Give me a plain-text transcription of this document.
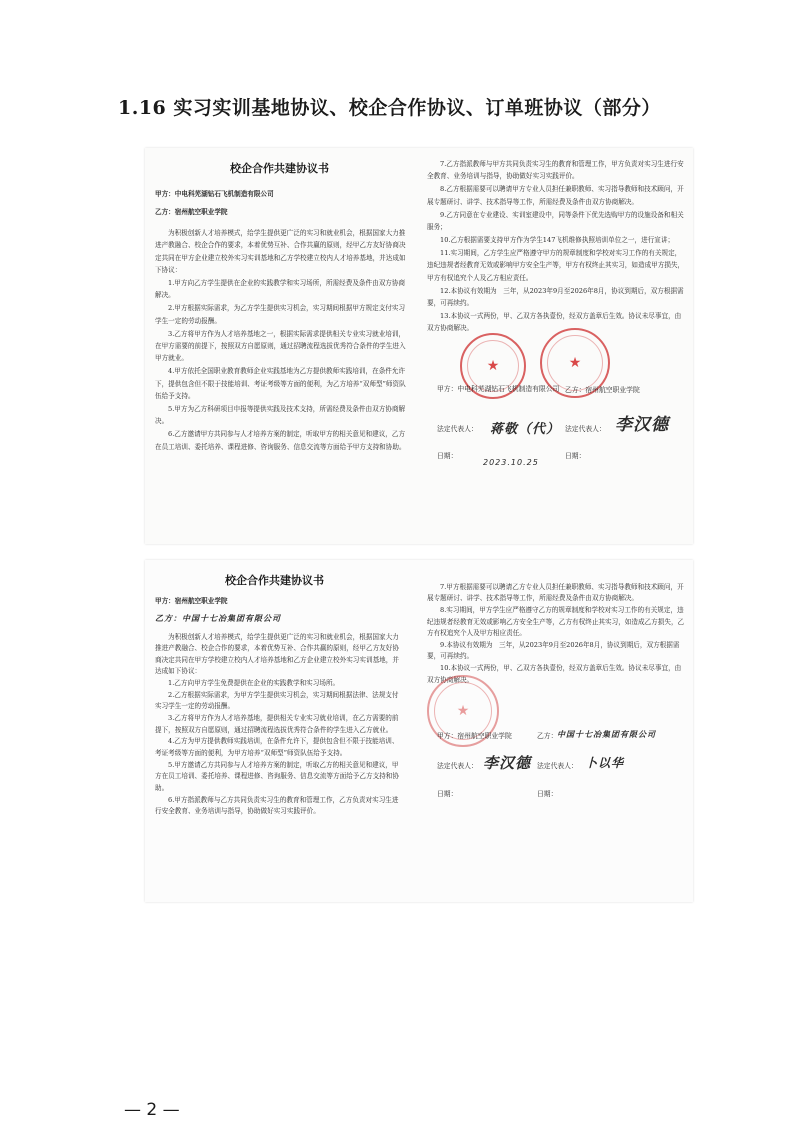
1.16 实习实训基地协议、校企合作协议、订单班协议（部分）
校企合作共建协议书

甲方：中电科芜湖钻石飞机制造有限公司

乙方：宿州航空职业学院

为积极创新人才培养模式，给学生提供更广泛的实习和就业机会，根据国家大力推进产教融合、校企合作的要求，本着优势互补、合作共赢的原则，经甲乙方友好协商决定共同在甲方企业建立校外实习实训基地和乙方学校建立校内人才培养基地，并达成如下协议：

1.甲方向乙方学生提供在企业的实践教学和实习场所，所需经费及条件由双方协商解决。

2.甲方根据实际需求，为乙方学生提供实习机会，实习期间根据甲方规定支付实习学生一定的劳动报酬。

3.乙方将甲方作为人才培养基地之一，根据实际需求提供相关专业实习就业培训，在甲方需要的前提下，按照双方自愿原则，通过招聘流程选拔优秀符合条件的学生进入甲方就业。

4.甲方依托全国职业教育教师企业实践基地为乙方提供教师实践培训，在条件允许下，提供包含但不限于技能培训、考证考级等方面的便利，为乙方培养“双师型”师资队伍给予支持。

5.甲方为乙方科研项目申报等提供实践及技术支持，所需经费及条件由双方协商解决。

6.乙方邀请甲方共同参与人才培养方案的制定，听取甲方的相关意见和建议，乙方在员工培训、委托培养、课程进修、咨询服务、信息交流等方面给予甲方支持和协助。

7.乙方指派教师与甲方共同负责实习生的教育和管理工作，甲方负责对实习生进行安全教育、业务培训与指导，协助做好实习实践评价。

8.乙方根据需要可以聘请甲方专业人员担任兼职教师、实习指导教师和技术顾问，开展专题研讨、讲学、技术指导等工作，所需经费及条件由双方协商解决。

9.乙方同意在专业建设、实训室建设中，同等条件下优先选购甲方的设施设备和相关服务；

10.乙方根据需要支持甲方作为学生147飞机维修执照培训单位之一，进行宣讲；

11.实习期间，乙方学生应严格遵守甲方的规章制度和学校对实习工作的有关规定，违纪违规者经教育无效或影响甲方安全生产等，甲方有权终止其实习，如造成甲方损失，甲方有权追究个人及乙方相应责任。

12.本协议有效期为　三年，从2023年9月至2026年8月，协议到期后，双方根据需要，可再续约。

13.本协议一式两份，甲、乙双方各执壹份，经双方盖章后生效。协议未尽事宜，由双方协商解决。

★	★
甲方：中电科芜湖钻石飞机制造有限公司 乙方：宿州航空职业学院
法定代表人： 蒋敬（代） 法定代表人： 李汉德
日期：
2023.10.25
日期：
校企合作共建协议书

甲方：宿州航空职业学院

乙方：中国十七冶集团有限公司

为积极创新人才培养模式，给学生提供更广泛的实习和就业机会，根据国家大力推进产教融合、校企合作的要求，本着优势互补、合作共赢的原则，经甲乙方友好协商决定共同在甲方学校建立校内人才培养基地和乙方企业建立校外实习实训基地，并达成如下协议：

1.乙方向甲方学生免费提供在企业的实践教学和实习场所。

2.乙方根据实际需求，为甲方学生提供实习机会，实习期间根据法律、法规支付实习学生一定的劳动报酬。

3.乙方将甲方作为人才培养基地，提供相关专业实习就业培训，在乙方需要的前提下，按照双方自愿原则，通过招聘流程选拔优秀符合条件的学生进入乙方就业。

4.乙方为甲方提供教师实践培训，在条件允许下，提供包含但不限于技能培训、考证考级等方面的便利，为甲方培养“双师型”师资队伍给予支持。

5.甲方邀请乙方共同参与人才培养方案的制定，听取乙方的相关意见和建议，甲方在员工培训、委托培养、课程进修、咨询服务、信息交流等方面给予乙方支持和协助。

6.甲方指派教师与乙方共同负责实习生的教育和管理工作，乙方负责对实习生进行安全教育、业务培训与指导，协助做好实习实践评价。

7.甲方根据需要可以聘请乙方专业人员担任兼职教师、实习指导教师和技术顾问，开展专题研讨、讲学、技术指导等工作，所需经费及条件由双方协商解决。

8.实习期间，甲方学生应严格遵守乙方的规章制度和学校对实习工作的有关规定，违纪违规者经教育无效或影响乙方安全生产等，乙方有权终止其实习，如造成乙方损失，乙方有权追究个人及甲方相应责任。

9.本协议有效期为　三年，从2023年9月至2026年8月，协议到期后，双方根据需要，可再续约。

10.本协议一式两份，甲、乙双方各执壹份，经双方盖章后生效。协议未尽事宜，由双方协商解决。

★
甲方：宿州航空职业学院	乙方： 中国十七冶集团有限公司
法定代表人： 李汉德 法定代表人： 卜以华
日期：	日期：
— 2 —
